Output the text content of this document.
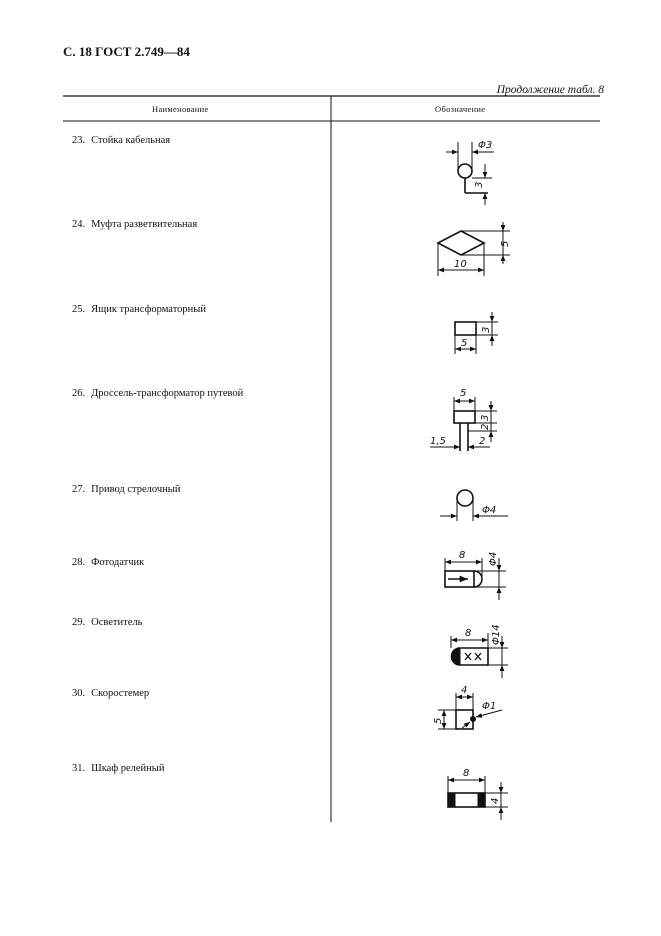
С. 18 ГОСТ 2.749—84
Продолжение табл. 8
Наименование	Обозначение
23. Стойка кабельная
24. Муфта разветвительная
25. Ящик трансформаторный
26. Дроссель-трансформатор путевой
27. Привод стрелочный
28. Фотодатчик
29. Осветитель
30. Скоростемер
31. Шкаф релейный
Φ3
3
5
10
3
5
5
3
2
1,5	2
Φ4
8 Φ4
8 Φ14
4
5
Φ1
8
4
